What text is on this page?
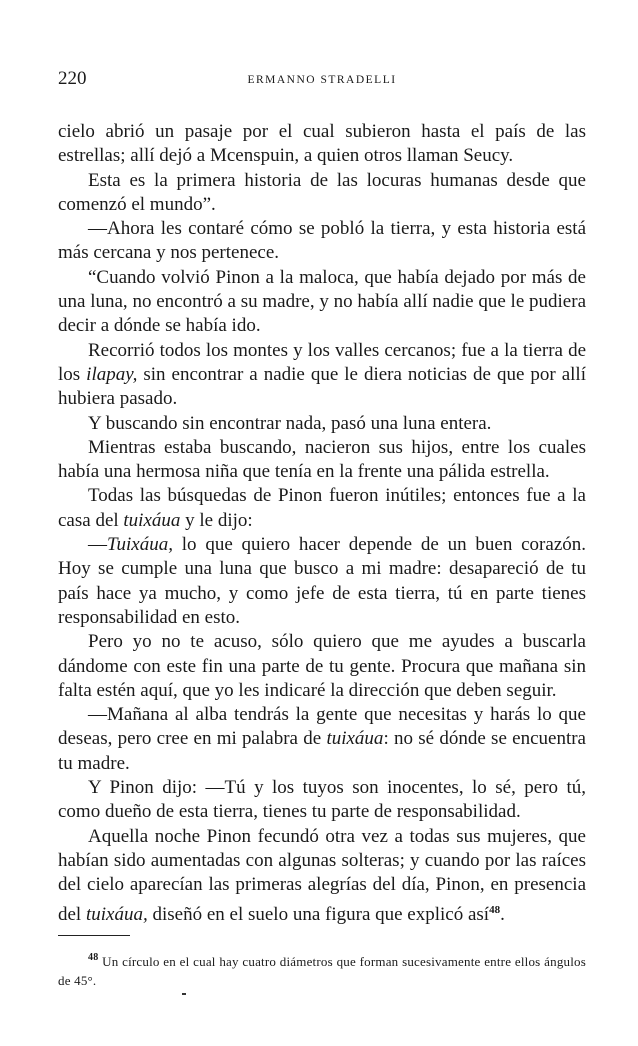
220	ERMANNO STRADELLI

cielo abrió un pasaje por el cual subieron hasta el país de las estrellas; allí dejó a Mcenspuin, a quien otros llaman Seucy.

Esta es la primera historia de las locuras humanas desde que comenzó el mundo”.

—Ahora les contaré cómo se pobló la tierra, y esta historia está más cercana y nos pertenece.

“Cuando volvió Pinon a la maloca, que había dejado por más de una luna, no encontró a su madre, y no había allí nadie que le pudiera decir a dónde se había ido.

Recorrió todos los montes y los valles cercanos; fue a la tierra de los ilapay, sin encontrar a nadie que le diera noticias de que por allí hubiera pasado.

Y buscando sin encontrar nada, pasó una luna entera.

Mientras estaba buscando, nacieron sus hijos, entre los cuales había una hermosa niña que tenía en la frente una pálida estrella.

Todas las búsquedas de Pinon fueron inútiles; entonces fue a la casa del tuixáua y le dijo:

—Tuixáua, lo que quiero hacer depende de un buen corazón. Hoy se cumple una luna que busco a mi madre: desapareció de tu país hace ya mucho, y como jefe de esta tierra, tú en parte tienes responsabilidad en esto.

Pero yo no te acuso, sólo quiero que me ayudes a buscarla dándome con este fin una parte de tu gente. Procura que mañana sin falta estén aquí, que yo les indicaré la dirección que deben seguir.

—Mañana al alba tendrás la gente que necesitas y harás lo que deseas, pero cree en mi palabra de tuixáua: no sé dónde se encuentra tu madre.

Y Pinon dijo: —Tú y los tuyos son inocentes, lo sé, pero tú, como dueño de esta tierra, tienes tu parte de responsabilidad.

Aquella noche Pinon fecundó otra vez a todas sus mujeres, que habían sido aumentadas con algunas solteras; y cuando por las raíces del cielo aparecían las primeras alegrías del día, Pinon, en presencia del tuixáua, diseñó en el suelo una figura que explicó así$^{48}$.

$^{48}$ Un círculo en el cual hay cuatro diámetros que forman sucesivamente entre ellos ángulos de 45°.
